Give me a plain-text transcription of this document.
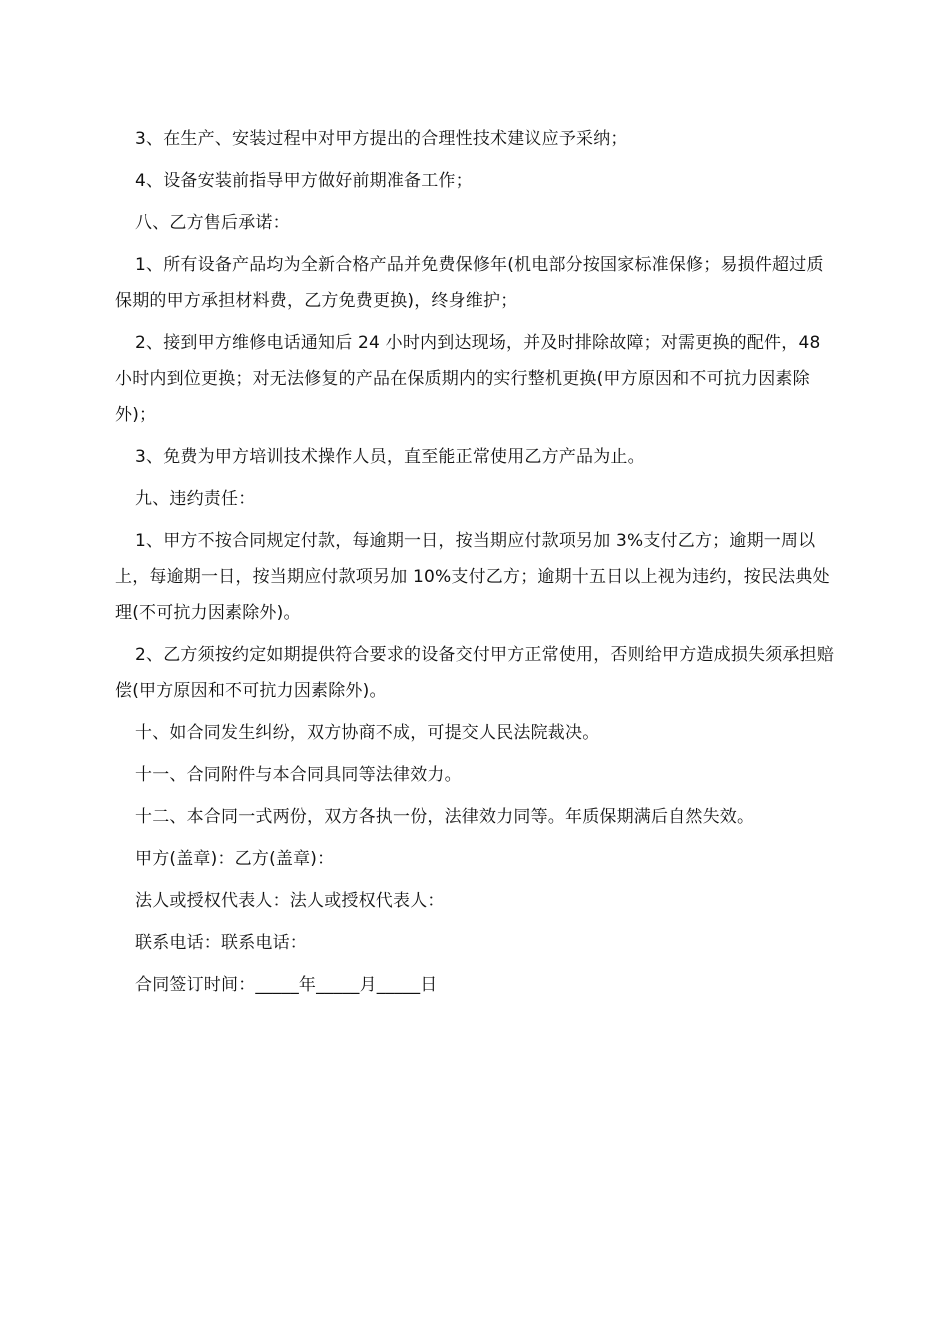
3、在生产、安装过程中对甲方提出的合理性技术建议应予采纳；

4、设备安装前指导甲方做好前期准备工作；

八、乙方售后承诺：

1、所有设备产品均为全新合格产品并免费保修年(机电部分按国家标准保修；易损件超过质保期的甲方承担材料费，乙方免费更换)，终身维护；

2、接到甲方维修电话通知后 24 小时内到达现场，并及时排除故障；对需更换的配件，48 小时内到位更换；对无法修复的产品在保质期内的实行整机更换(甲方原因和不可抗力因素除外)；

3、免费为甲方培训技术操作人员，直至能正常使用乙方产品为止。

九、违约责任：

1、甲方不按合同规定付款，每逾期一日，按当期应付款项另加 3%支付乙方；逾期一周以上，每逾期一日，按当期应付款项另加 10%支付乙方；逾期十五日以上视为违约，按民法典处理(不可抗力因素除外)。

2、乙方须按约定如期提供符合要求的设备交付甲方正常使用，否则给甲方造成损失须承担赔偿(甲方原因和不可抗力因素除外)。

十、如合同发生纠纷，双方协商不成，可提交人民法院裁决。

十一、合同附件与本合同具同等法律效力。

十二、本合同一式两份，双方各执一份，法律效力同等。年质保期满后自然失效。

甲方(盖章)：乙方(盖章)：

法人或授权代表人：法人或授权代表人：

联系电话：联系电话：

合同签订时间：_____年_____月_____日
